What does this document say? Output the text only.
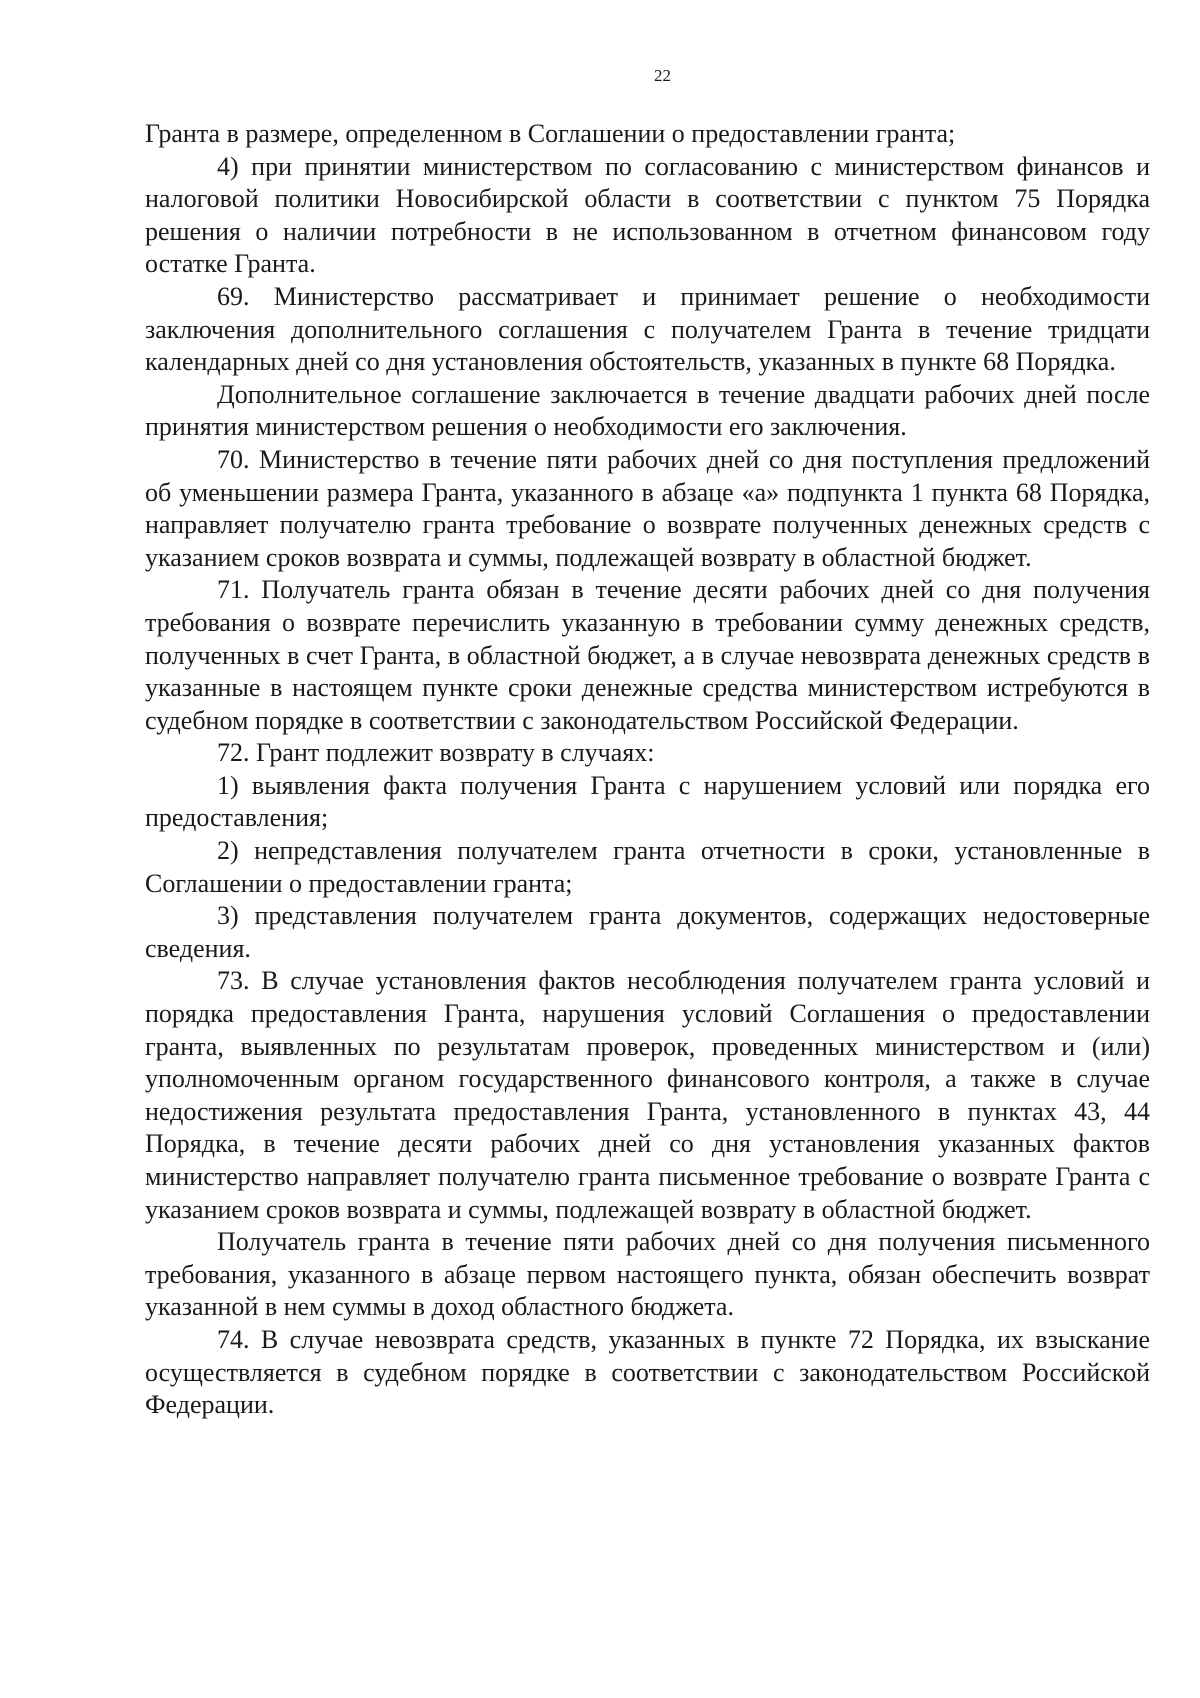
22

Гранта в размере, определенном в Соглашении о предоставлении гранта;

4) при принятии министерством по согласованию с министерством финансов и налоговой политики Новосибирской области в соответствии с пунктом 75 Порядка решения о наличии потребности в не использованном в отчетном финансовом году остатке Гранта.

69. Министерство рассматривает и принимает решение о необходимости заключения дополнительного соглашения с получателем Гранта в течение тридцати календарных дней со дня установления обстоятельств, указанных в пункте 68 Порядка.

Дополнительное соглашение заключается в течение двадцати рабочих дней после принятия министерством решения о необходимости его заключения.

70. Министерство в течение пяти рабочих дней со дня поступления предложений об уменьшении размера Гранта, указанного в абзаце «а» подпункта 1 пункта 68 Порядка, направляет получателю гранта требование о возврате полученных денежных средств с указанием сроков возврата и суммы, подлежащей возврату в областной бюджет.

71. Получатель гранта обязан в течение десяти рабочих дней со дня получения требования о возврате перечислить указанную в требовании сумму денежных средств, полученных в счет Гранта, в областной бюджет, а в случае невозврата денежных средств в указанные в настоящем пункте сроки денежные средства министерством истребуются в судебном порядке в соответствии с законодательством Российской Федерации.

72. Грант подлежит возврату в случаях:

1) выявления факта получения Гранта с нарушением условий или порядка его предоставления;

2) непредставления получателем гранта отчетности в сроки, установленные в Соглашении о предоставлении гранта;

3) представления получателем гранта документов, содержащих недостоверные сведения.

73. В случае установления фактов несоблюдения получателем гранта условий и порядка предоставления Гранта, нарушения условий Соглашения о предоставлении гранта, выявленных по результатам проверок, проведенных министерством и (или) уполномоченным органом государственного финансового контроля, а также в случае недостижения результата предоставления Гранта, установленного в пунктах 43, 44 Порядка, в течение десяти рабочих дней со дня установления указанных фактов министерство направляет получателю гранта письменное требование о возврате Гранта с указанием сроков возврата и суммы, подлежащей возврату в областной бюджет.

Получатель гранта в течение пяти рабочих дней со дня получения письменного требования, указанного в абзаце первом настоящего пункта, обязан обеспечить возврат указанной в нем суммы в доход областного бюджета.

74. В случае невозврата средств, указанных в пункте 72 Порядка, их взыскание осуществляется в судебном порядке в соответствии с законодательством Российской Федерации.
